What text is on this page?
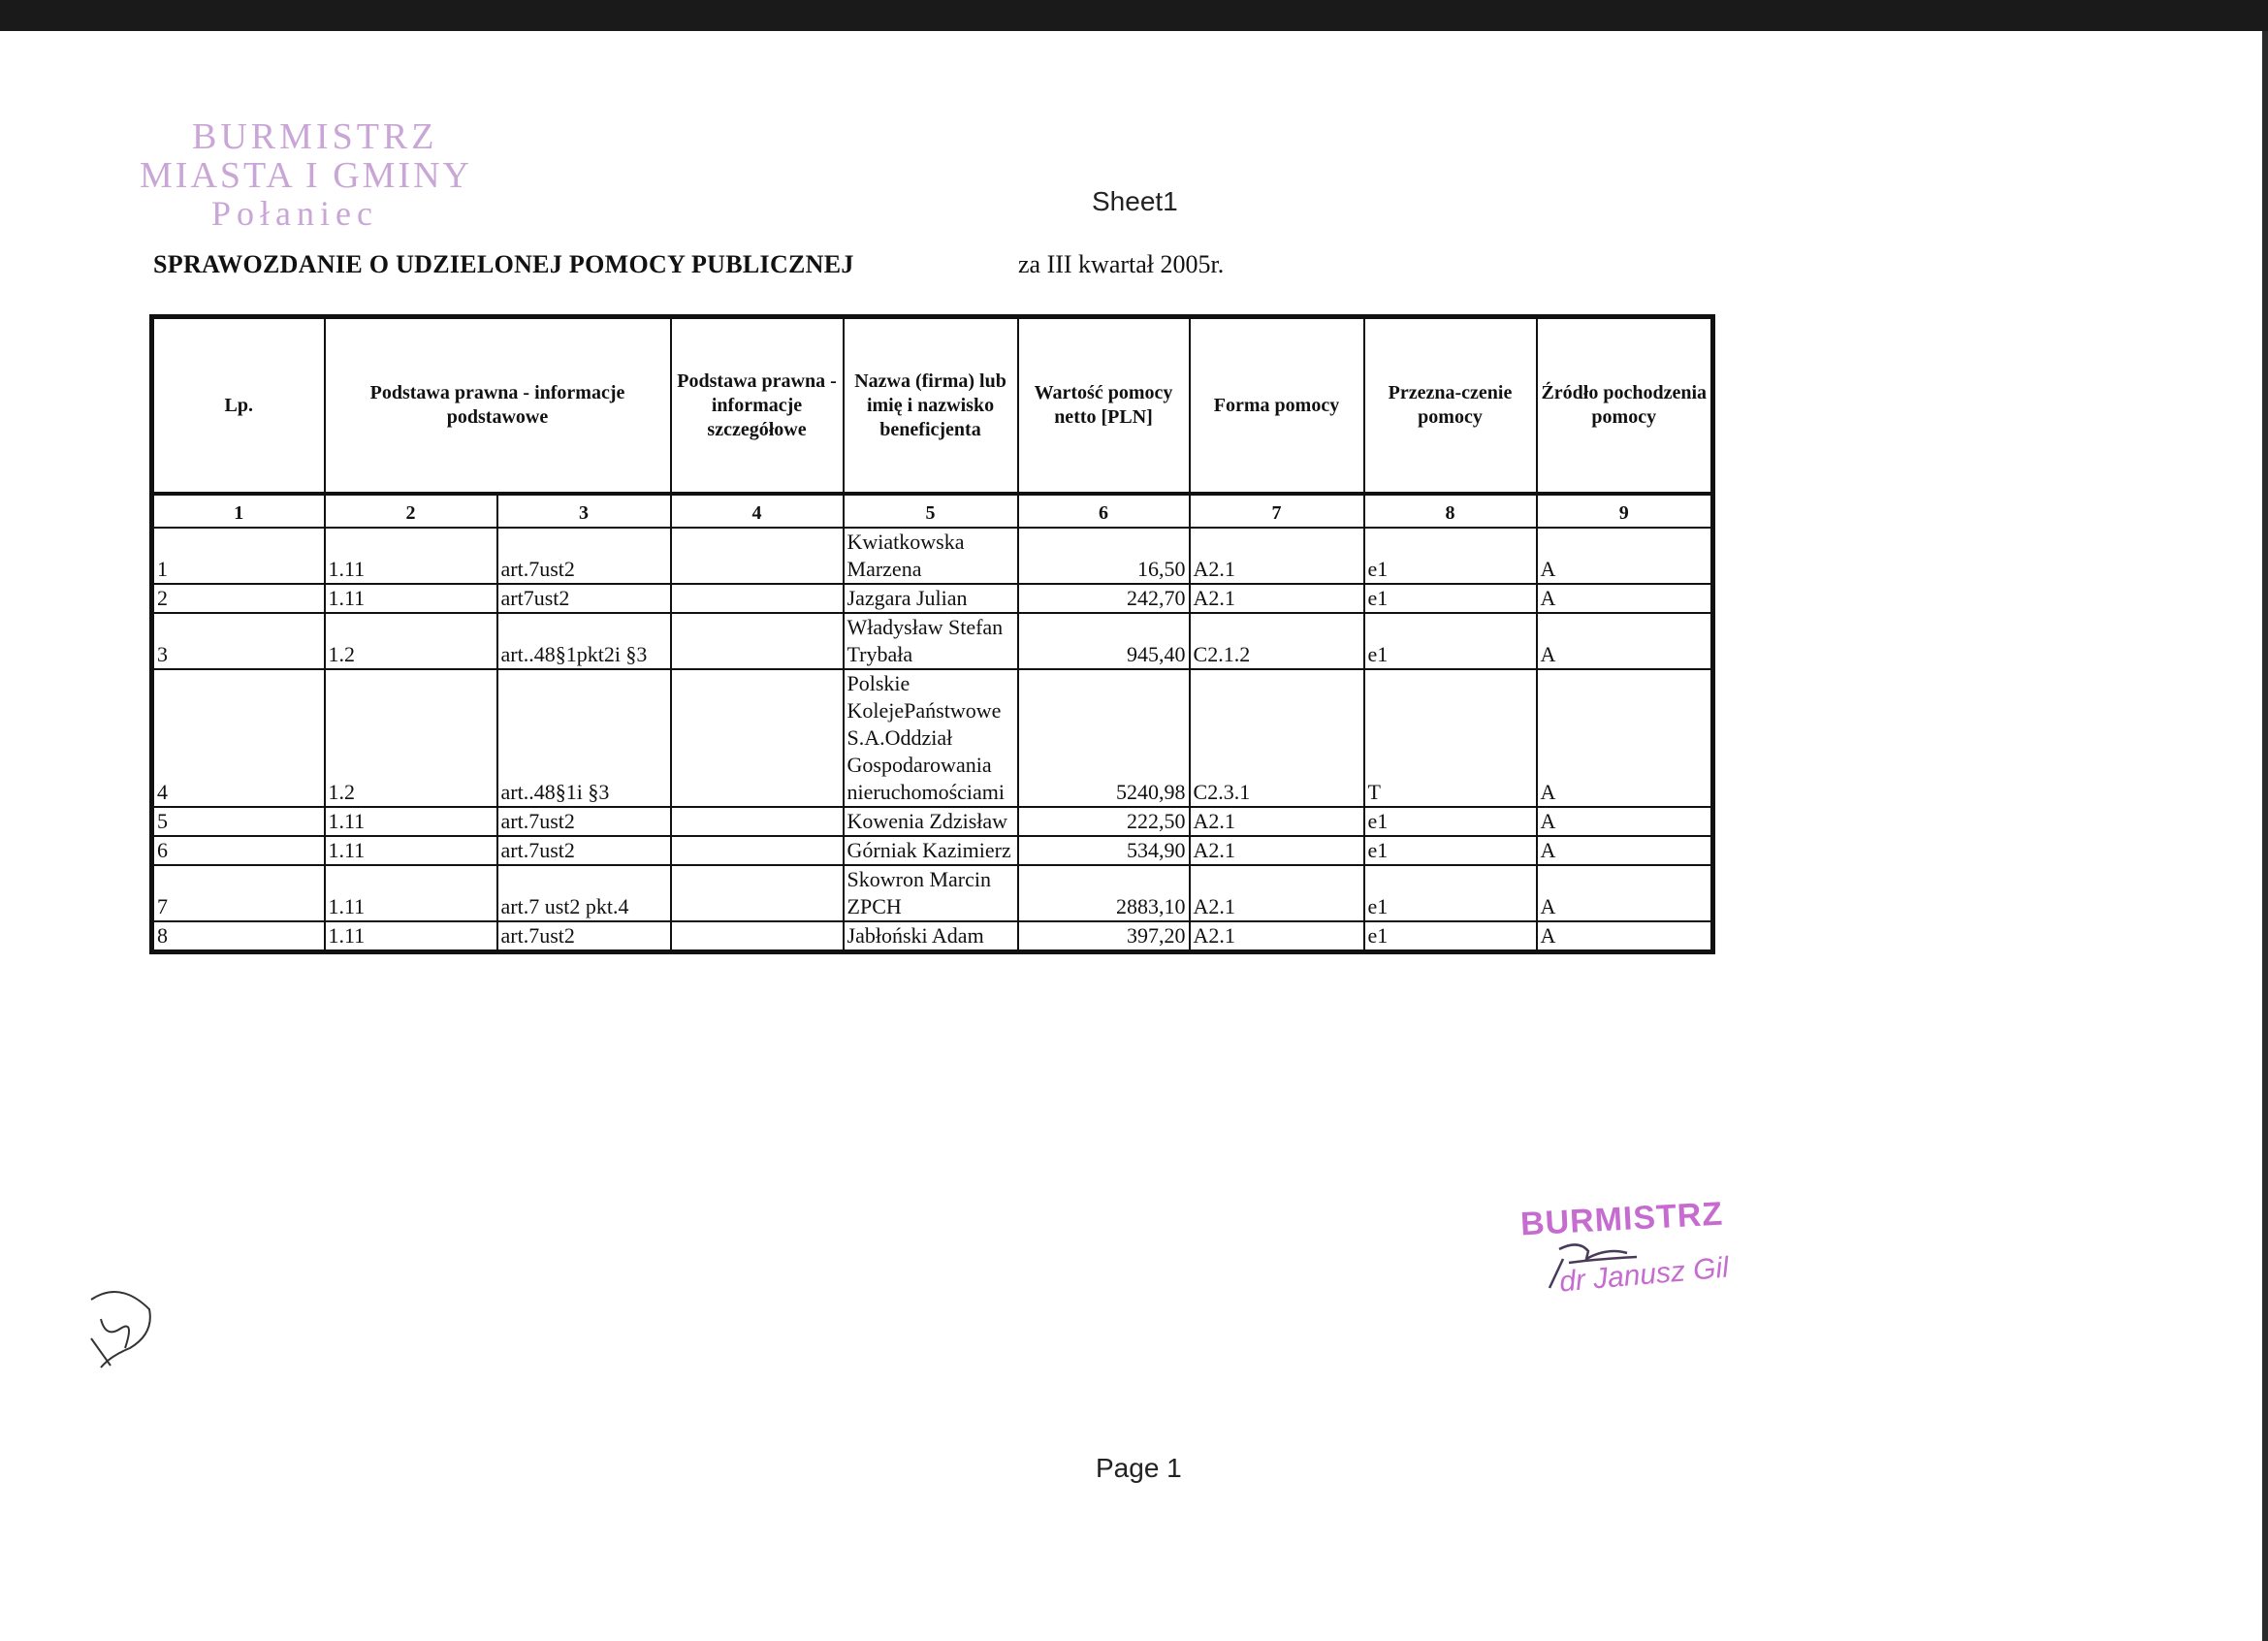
BURMISTRZ
MIASTA I GMINY
Połaniec	Sheet1
SPRAWOZDANIE O UDZIELONEJ POMOCY PUBLICZNEJ	za III kwartał 2005r.
Lp.	Podstawa prawna - informacje podstawowe		Podstawa prawna - informacje szczegółowe	Nazwa (firma) lub imię i nazwisko beneficjenta	Wartość pomocy netto [PLN]	Forma pomocy	Przezna-czenie pomocy	Źródło pochodzenia pomocy
1	2	3	4	5	6	7	8	9
1	1.11	art.7ust2		Kwiatkowska Marzena	16,50	A2.1	e1	A
2	1.11	art7ust2		Jazgara Julian	242,70	A2.1	e1	A
3	1.2	art..48§1pkt2i §3		Władysław Stefan Trybała	945,40	C2.1.2	e1	A
4	1.2	art..48§1i §3		Polskie KolejePaństwowe S.A.Oddział Gospodarowania nieruchomościami	5240,98	C2.3.1	T	A
5	1.11	art.7ust2		Kowenia Zdzisław	222,50	A2.1	e1	A
6	1.11	art.7ust2		Górniak Kazimierz	534,90	A2.1	e1	A
7	1.11	art.7 ust2 pkt.4		Skowron Marcin ZPCH	2883,10	A2.1	e1	A
8	1.11	art.7ust2		Jabłoński Adam	397,20	A2.1	e1	A
BURMISTRZ
dr Janusz Gil
Page 1
